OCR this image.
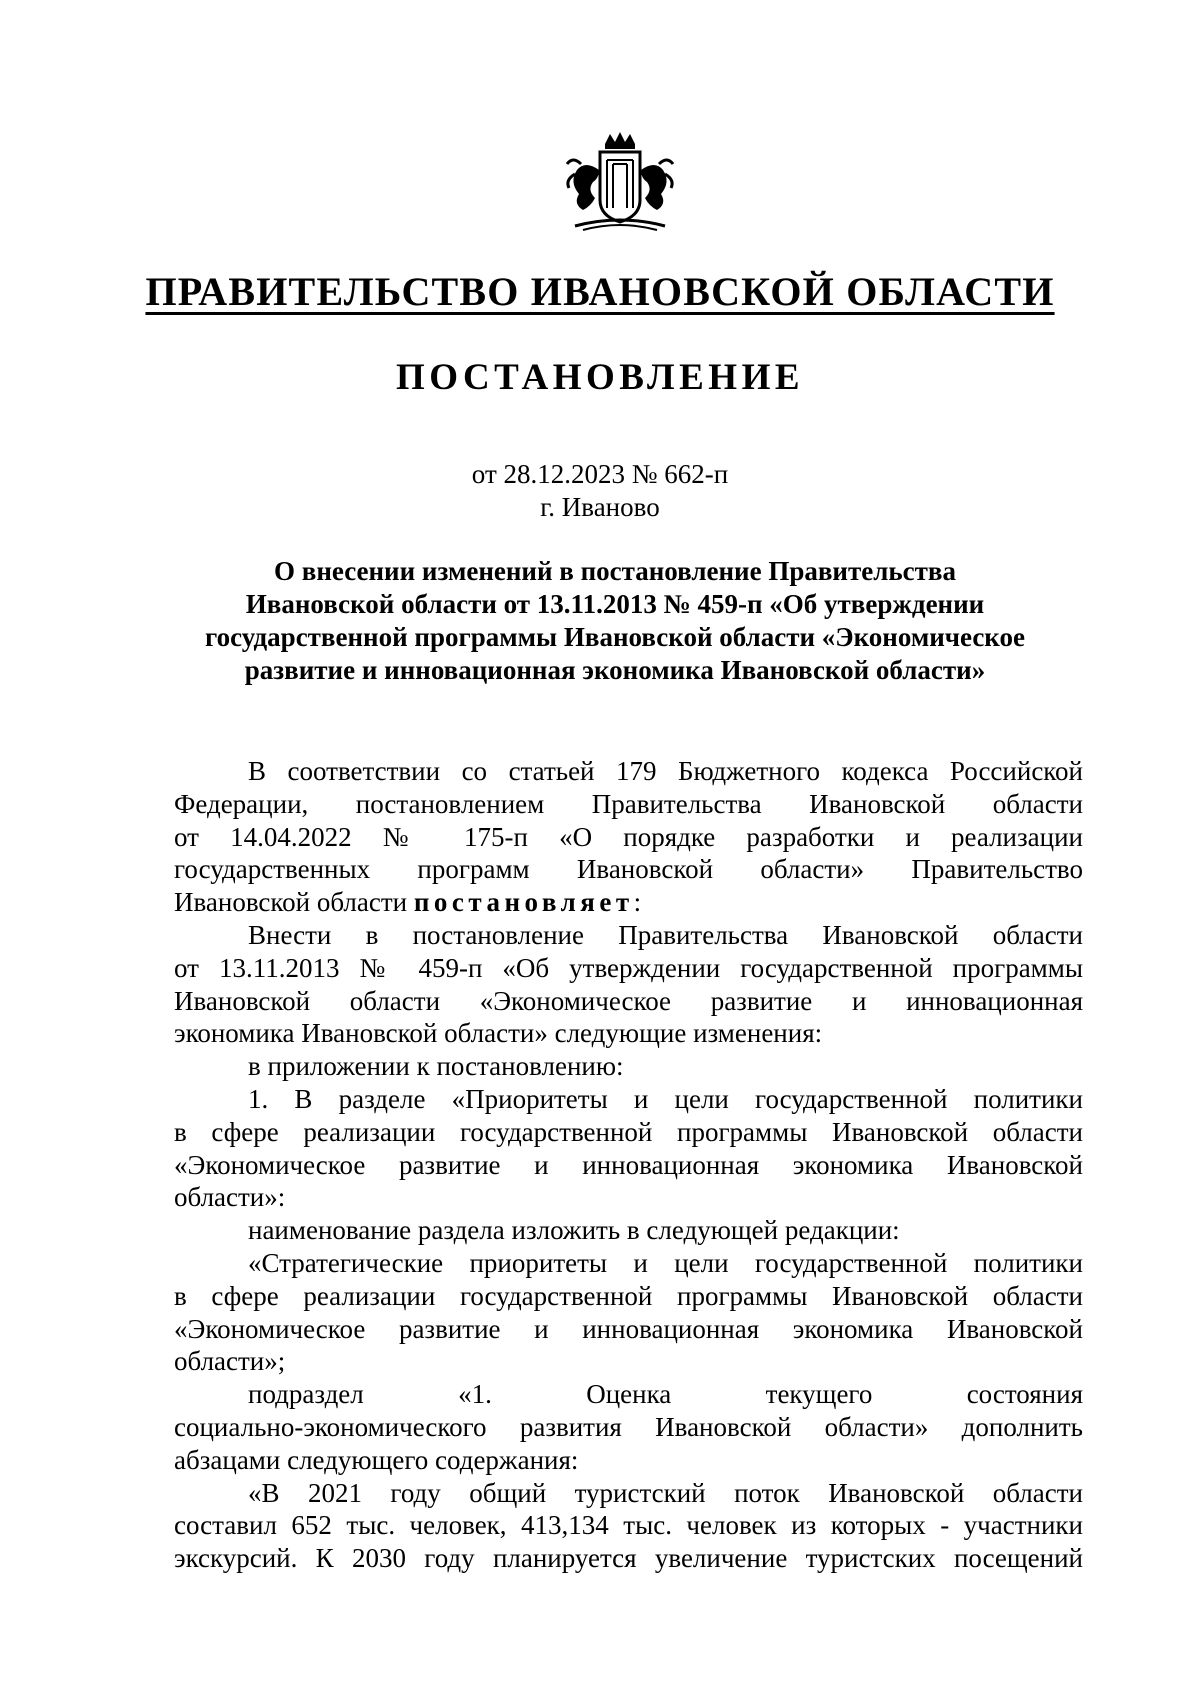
ПРАВИТЕЛЬСТВО ИВАНОВСКОЙ ОБЛАСТИ
ПОСТАНОВЛЕНИЕ
от 28.12.2023 № 662-п
г. Иваново
О внесении изменений в постановление Правительства
Ивановской области от 13.11.2013 № 459-п «Об утверждении
государственной программы Ивановской области «Экономическое
развитие и инновационная экономика Ивановской области»
В соответствии со статьей 179 Бюджетного кодекса Российской
Федерации, постановлением Правительства Ивановской области
от 14.04.2022 № 175-п «О порядке разработки и реализации
государственных программ Ивановской области» Правительство
Ивановской области постановляет:
Внести в постановление Правительства Ивановской области
от 13.11.2013 № 459-п «Об утверждении государственной программы
Ивановской области «Экономическое развитие и инновационная
экономика Ивановской области» следующие изменения:
в приложении к постановлению:
1. В разделе «Приоритеты и цели государственной политики
в сфере реализации государственной программы Ивановской области
«Экономическое развитие и инновационная экономика Ивановской
области»:
наименование раздела изложить в следующей редакции:
«Стратегические приоритеты и цели государственной политики
в сфере реализации государственной программы Ивановской области
«Экономическое развитие и инновационная экономика Ивановской
области»;
подраздел «1. Оценка текущего состояния
социально-экономического развития Ивановской области» дополнить
абзацами следующего содержания:
«В 2021 году общий туристский поток Ивановской области
составил 652 тыс. человек, 413,134 тыс. человек из которых - участники
экскурсий. К 2030 году планируется увеличение туристских посещений
